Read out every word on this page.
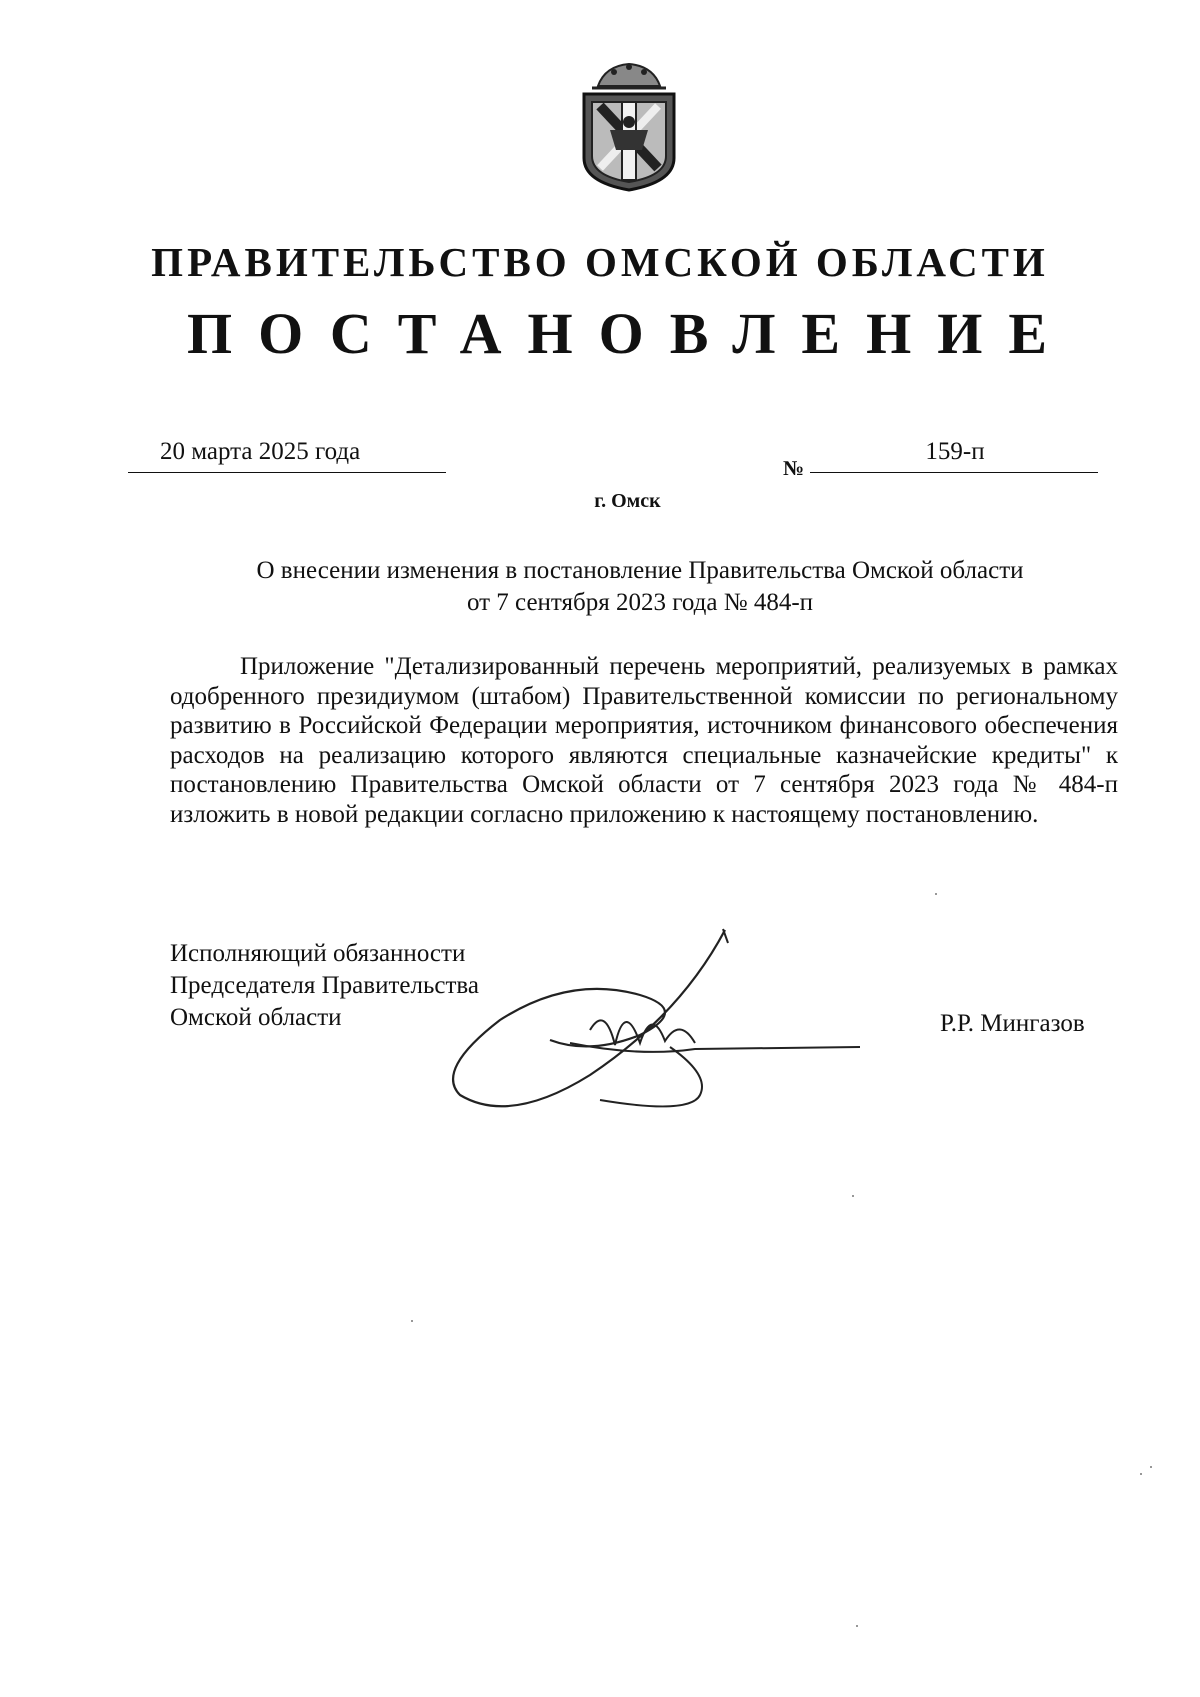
ПРАВИТЕЛЬСТВО ОМСКОЙ ОБЛАСТИ
ПОСТАНОВЛЕНИЕ
20 марта 2025 года
№
159-п
г. Омск
О внесении изменения в постановление Правительства Омской области
от 7 сентября 2023 года № 484-п

Приложение "Детализированный перечень мероприятий, реализуемых в рамках одобренного президиумом (штабом) Правительственной комиссии по региональному развитию в Российской Федерации мероприятия, источником финансового обеспечения расходов на реализацию которого являются специальные казначейские кредиты" к постановлению Правительства Омской области от 7 сентября 2023 года № 484-п изложить в новой редакции согласно приложению к настоящему постановлению.

Исполняющий обязанности
Председателя Правительства
Омской области	Р.Р. Мингазов
